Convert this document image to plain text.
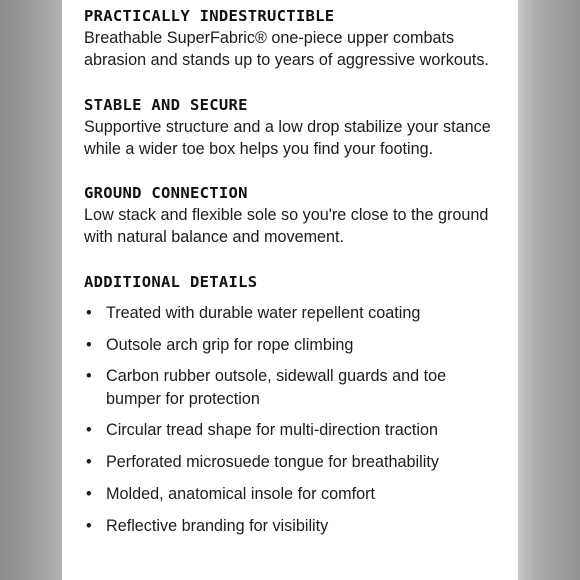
PRACTICALLY INDESTRUCTIBLE

Breathable SuperFabric® one-piece upper combats abrasion and stands up to years of aggressive workouts.

STABLE AND SECURE

Supportive structure and a low drop stabilize your stance while a wider toe box helps you find your footing.

GROUND CONNECTION

Low stack and flexible sole so you're close to the ground with natural balance and movement.

ADDITIONAL DETAILS
• Treated with durable water repellent coating
• Outsole arch grip for rope climbing
• Carbon rubber outsole, sidewall guards and toe bumper for protection
• Circular tread shape for multi-direction traction
• Perforated microsuede tongue for breathability
• Molded, anatomical insole for comfort
• Reflective branding for visibility
